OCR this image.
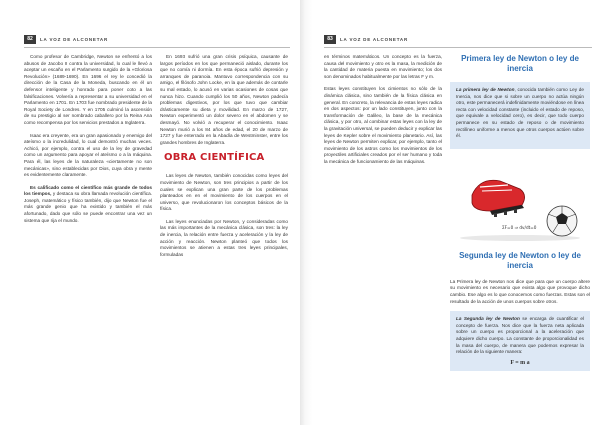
82	LA VOZ DE ALCONETAR

Como profesor de Cambridge, Newton se enfrentó a los abusos de Jacobo II contra la universidad, lo cual le llevó a aceptar un escaño en el Parlamento surgido de la «Gloriosa Revolución» (1689-1690). En 1696 el rey le concedió la dirección de la Casa de la Moneda, buscando en él un defensor inteligente y honrado para poner coto a las falsificaciones. Volvería a representar a su universidad en el Parlamento en 1701. En 1703 fue nombrado presidente de la Royal Society de Londres. Y en 1705 culminó la ascensión de su prestigio al ser nombrado caballero por la Reina Ana como recompensa por los servicios prestados a Inglaterra.

Isaac era creyente, era un gran apasionado y enemigo del ateísmo o la incredulidad, lo cual demostró muchas veces. Achicó, por ejemplo, contra el uso de la ley de gravedad como un argumento para apoyar el ateísmo o a la máquina. Para él, las leyes de la naturaleza «ciertamente no son mecánicas», sino establecidas por Dios, cuya obra y mente es evidentemente claramente.

Es calificado como el científico más grande de todos los tiempos, y destaca su obra llamada revolución científica. Joseph, matemático y físico también, dijo que Newton fue el más grande genio que ha existido y también el más afortunado, dado que sólo se puede encontrar una vez un sistema que rija el mundo.

En 1693 sufrió una gran crisis psíquica, causante de largos períodos en los que permaneció aislado, durante los que no comía ni dormía. En esta época sufrió depresión y arranques de paranoia. Mantuvo correspondencia con su amigo, el filósofo John Locke, en la que además de contarle su mal estado, lo acusó en varias ocasiones de cosas que nunca hizo. Cuando cumplió los 50 años, Newton padecía problemas digestivos, por los que tuvo que cambiar drásticamente su dieta y movilidad. En marzo de 1727, Newton experimentó un dolor severo en el abdomen y se desmayó. No volvió a recuperar el conocimiento. Isaac Newton murió a los 84 años de edad, el 20 de marzo de 1727 y fue enterrado en la Abadía de Westminster, entre los grandes hombres de Inglaterra.

OBRA CIENTÍFICA

Las leyes de Newton, también conocidas como leyes del movimiento de Newton, son tres principios a partir de los cuales se explican una gran parte de los problemas planteados en en el movimiento de los cuerpos en el universo, que revolucionaron los conceptos básicos de la física.

Las leyes enunciadas por Newton, y consideradas como las más importantes de la mecánica clásica, son tres: la ley de inercia, la relación entre fuerza y aceleración y la ley de acción y reacción. Newton planteó que todos los movimientos se atienen a estas tres leyes principales, formuladas

83	LA VOZ DE ALCONETAR

en términos matemáticos. Un concepto es la fuerza, causa del movimiento y otro es la masa, la medición de la cantidad de materia puesta en movimiento; los dos son denominados habitualmente por las letras F y m.

Estas leyes constituyen los cimientos no sólo de la dinámica clásica, sino también de la física clásica en general. En concreto, la relevancia de estas leyes radica en dos aspectos: por un lado constituyen, junto con la transformación de Galileo, la base de la mecánica clásica, y por otro, al combinar estas leyes con la ley de la gravitación universal, se pueden deducir y explicar las leyes de Kepler sobre el movimiento planetario. Así, las leyes de Newton permiten explicar, por ejemplo, tanto el movimiento de los astros como los movimientos de los proyectiles artificiales creados por el ser humano y toda la mecánica de funcionamiento de las máquinas.

Primera ley de Newton o ley de inercia

La primera ley de Newton, conocida también como Ley de Inercia, nos dice que si sobre un cuerpo no actúa ningún otro, este permanecerá indefinidamente moviéndose en línea recta con velocidad constante (incluido el estado de reposo, que equivale a velocidad cero), es decir, que todo cuerpo permanece en su estado de reposo o de movimiento rectilíneo uniforme a menos que otros cuerpos actúen sobre él.

ΣF=0 ⇒ dv/dt=0
Segunda ley de Newton o ley de inercia

La Primera ley de Newton nos dice que para que un cuerpo altere su movimiento es necesario que exista algo que provoque dicho cambio. Ese algo es lo que conocemos como fuerzas. Estas son el resultado de la acción de unos cuerpos sobre otros.

La Segunda ley de Newton se encarga de cuantificar el concepto de fuerza. Nos dice que la fuerza neta aplicada sobre un cuerpo es proporcional a la aceleración que adquiere dicho cuerpo. La constante de proporcionalidad es la masa del cuerpo, de manera que podemos expresar la relación de la siguiente manera:

F = m a
